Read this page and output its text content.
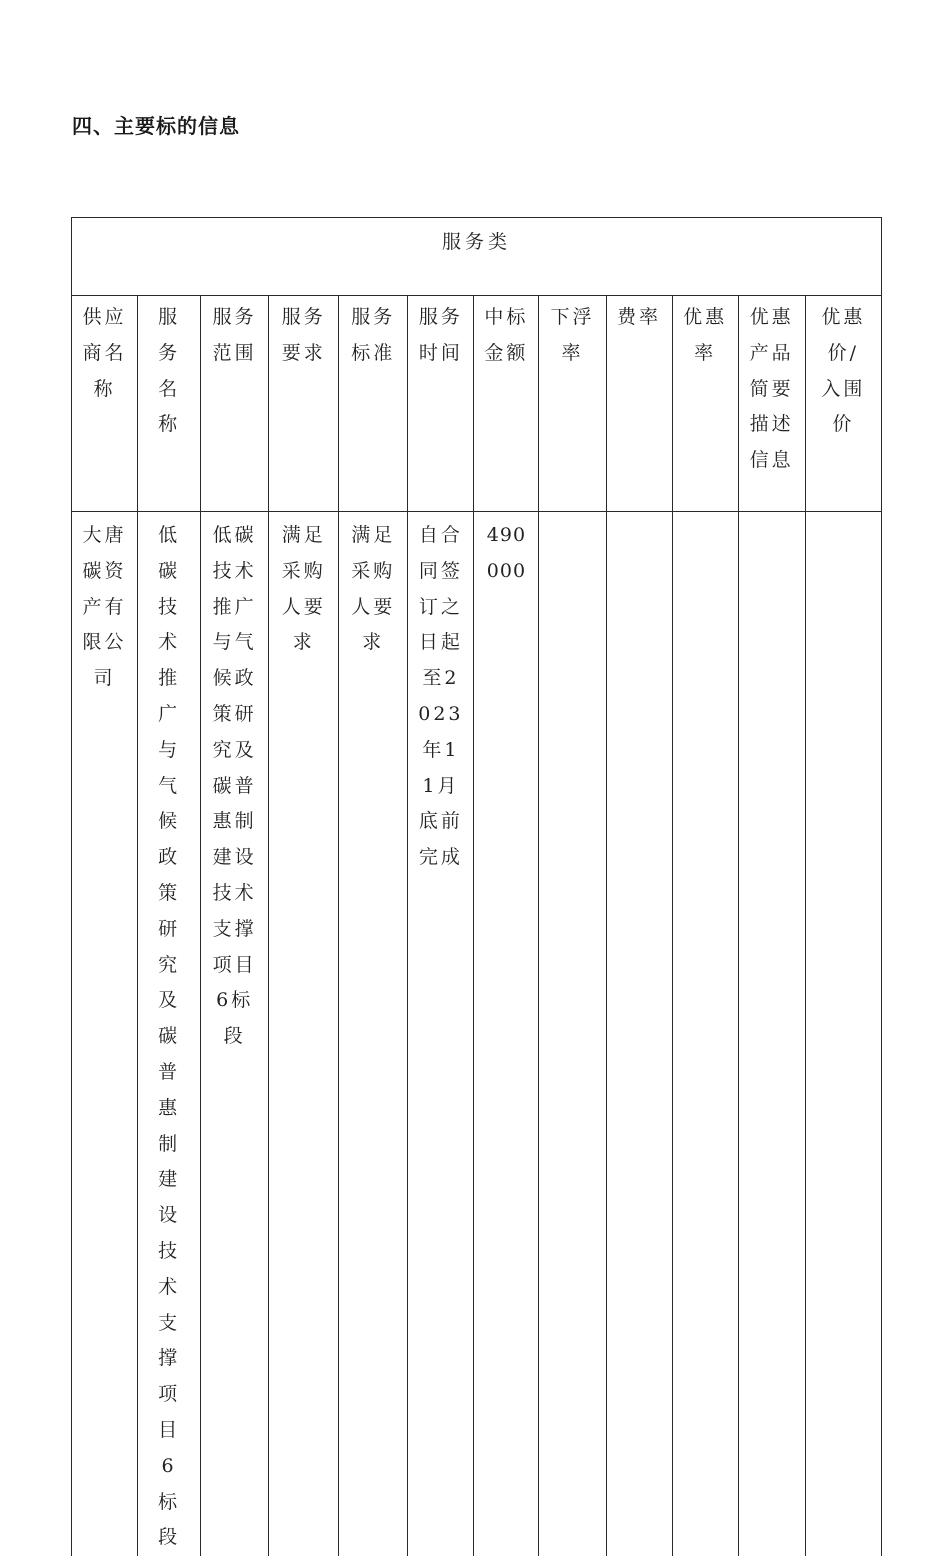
四、主要标的信息
服务类											

供应商名称	服务名称	服务范围	服务要求	服务标准	服务时间	中标金额	下浮率	费率	优惠率	优惠产品简要描述信息	优惠价/入围价

大唐碳资产有限公司	低碳技术推广与气候政策研究及碳普惠制建设技术支撑项目6标段	低碳技术推广与气候政策研究及碳普惠制建设技术支撑项目6标段	满足采购人要求	满足采购人要求	自合同签订之日起至2023年11月底前完成	490000					
